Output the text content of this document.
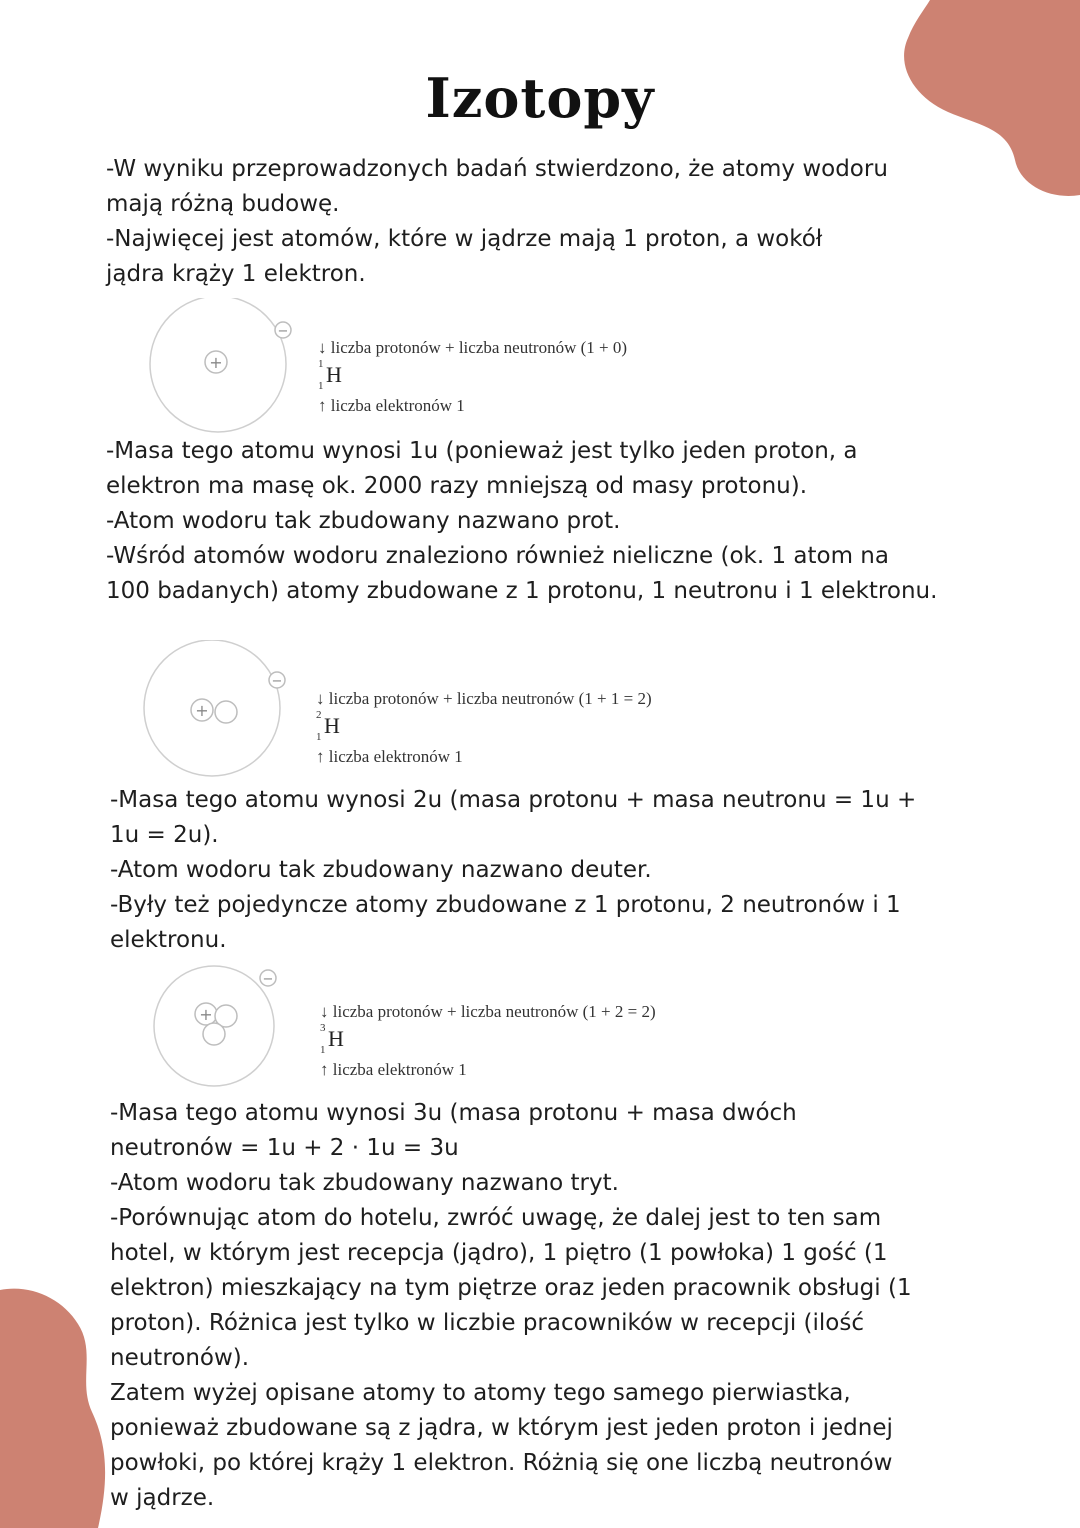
Izotopy

-W wyniku przeprowadzonych badań stwierdzono, że atomy wodoru
mają różną budowę.
-Najwięcej jest atomów, które w jądrze mają 1 proton, a wokół
jądra krąży 1 elektron.

+
−
↓ liczba protonów + liczba neutronów (1 + 0)
1
1 H
↑ liczba elektronów 1

-Masa tego atomu wynosi 1u (ponieważ jest tylko jeden proton, a
elektron ma masę ok. 2000 razy mniejszą od masy protonu).
-Atom wodoru tak zbudowany nazwano prot.
-Wśród atomów wodoru znaleziono również nieliczne (ok. 1 atom na
100 badanych) atomy zbudowane z 1 protonu, 1 neutronu i 1 elektronu.

+
−
↓ liczba protonów + liczba neutronów (1 + 1 = 2)
2
1 H
↑ liczba elektronów 1

-Masa tego atomu wynosi 2u (masa protonu + masa neutronu = 1u +
1u = 2u).
-Atom wodoru tak zbudowany nazwano deuter.
-Były też pojedyncze atomy zbudowane z 1 protonu, 2 neutronów i 1
elektronu.

+
−
↓ liczba protonów + liczba neutronów (1 + 2 = 2)
3
1 H
↑ liczba elektronów 1

-Masa tego atomu wynosi 3u (masa protonu + masa dwóch
neutronów = 1u + 2 · 1u = 3u
-Atom wodoru tak zbudowany nazwano tryt.
-Porównując atom do hotelu, zwróć uwagę, że dalej jest to ten sam
hotel, w którym jest recepcja (jądro), 1 piętro (1 powłoka) 1 gość (1
elektron) mieszkający na tym piętrze oraz jeden pracownik obsługi (1
proton). Różnica jest tylko w liczbie pracowników w recepcji (ilość
neutronów).

Zatem wyżej opisane atomy to atomy tego samego pierwiastka,
ponieważ zbudowane są z jądra, w którym jest jeden proton i jednej
powłoki, po której krąży 1 elektron. Różnią się one liczbą neutronów
w jądrze.
